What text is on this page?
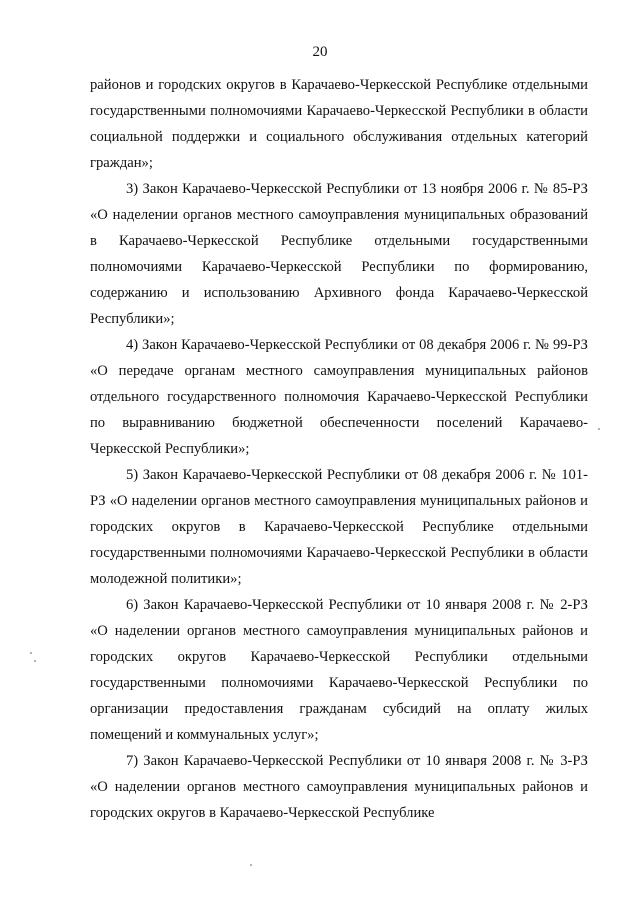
20

районов и городских округов в Карачаево-Черкесской Республике отдельными государственными полномочиями Карачаево-Черкесской Республики в области социальной поддержки и социального обслуживания отдельных категорий граждан»;

3) Закон Карачаево-Черкесской Республики от 13 ноября 2006 г. № 85-РЗ «О наделении органов местного самоуправления муниципальных образований в Карачаево-Черкесской Республике отдельными государственными полномочиями Карачаево-Черкесской Республики по формированию, содержанию и использованию Архивного фонда Карачаево-Черкесской Республики»;

4) Закон Карачаево-Черкесской Республики от 08 декабря 2006 г. № 99-РЗ «О передаче органам местного самоуправления муниципальных районов отдельного государственного полномочия Карачаево-Черкесской Республики по выравниванию бюджетной обеспеченности поселений Карачаево-Черкесской Республики»;

5) Закон Карачаево-Черкесской Республики от 08 декабря 2006 г. № 101-РЗ «О наделении органов местного самоуправления муниципальных районов и городских округов в Карачаево-Черкесской Республике отдельными государственными полномочиями Карачаево-Черкесской Республики в области молодежной политики»;

6) Закон Карачаево-Черкесской Республики от 10 января 2008 г. № 2-РЗ «О наделении органов местного самоуправления муниципальных районов и городских округов Карачаево-Черкесской Республики отдельными государственными полномочиями Карачаево-Черкесской Республики по организации предоставления гражданам субсидий на оплату жилых помещений и коммунальных услуг»;

7) Закон Карачаево-Черкесской Республики от 10 января 2008 г. № 3-РЗ «О наделении органов местного самоуправления муниципальных районов и городских округов в Карачаево-Черкесской Республике
